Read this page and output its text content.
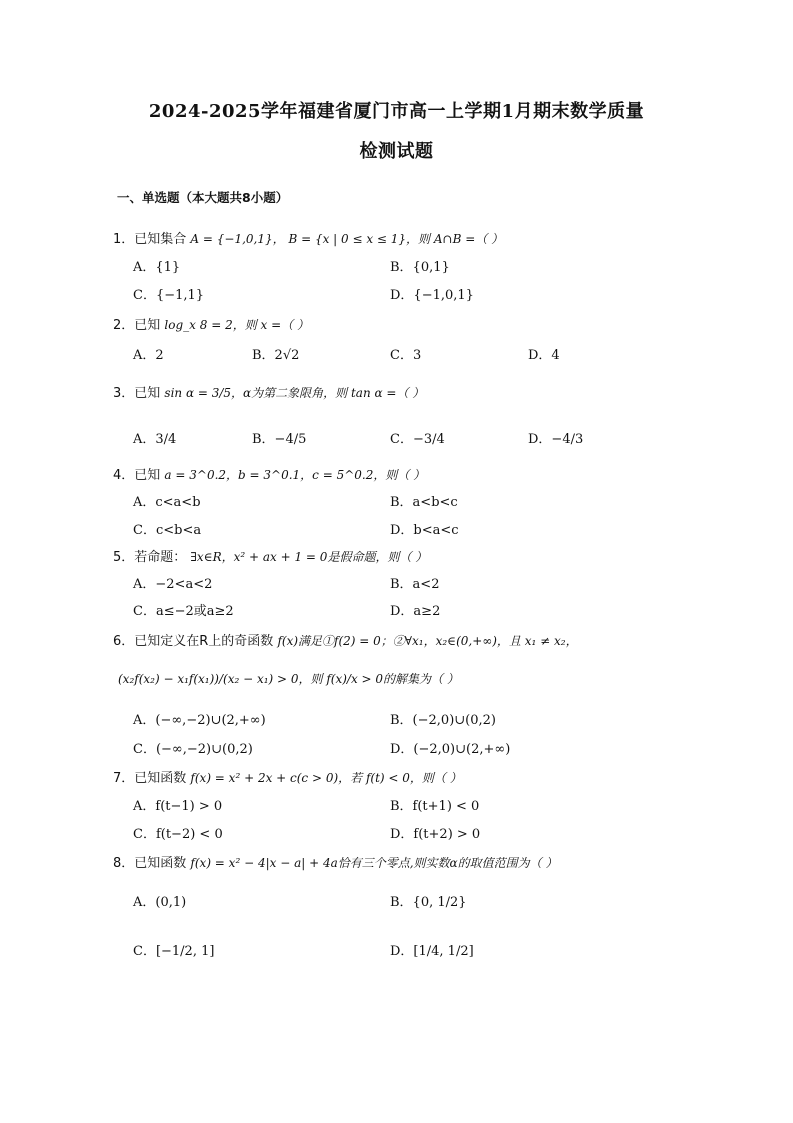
2024-2025学年福建省厦门市高一上学期1月期末数学质量
检测试题
一、单选题（本大题共8小题）
1．已知集合 A = {−1,0,1}， B = {x | 0 ≤ x ≤ 1}，则 A∩B =（ ）
A．{1}	B．{0,1}
C．{−1,1}	D．{−1,0,1}
2．已知 log_x 8 = 2，则 x =（ ）
A．2	B．2√2	C．3	D．4
3．已知 sin α = 3/5，α为第二象限角，则 tan α =（ ）
A．3/4	B．−4/5	C．−3/4	D．−4/3
4．已知 a = 3^0.2，b = 3^0.1，c = 5^0.2，则（ ）
A．c<a<b	B．a<b<c
C．c<b<a	D．b<a<c
5．若命题： ∃x∈R，x² + ax + 1 = 0是假命题，则（ ）
A．−2<a<2	B．a<2
C．a≤−2或a≥2	D．a≥2
6．已知定义在R上的奇函数 f(x)满足①f(2) = 0；②∀x₁，x₂∈(0,+∞)，且 x₁ ≠ x₂，
(x₂f(x₂) − x₁f(x₁))/(x₂ − x₁) > 0，则 f(x)/x > 0的解集为（ ）
A．(−∞,−2)∪(2,+∞)	B．(−2,0)∪(0,2)
C．(−∞,−2)∪(0,2)	D．(−2,0)∪(2,+∞)
7．已知函数 f(x) = x² + 2x + c(c > 0)，若 f(t) < 0，则（ ）
A．f(t−1) > 0	B．f(t+1) < 0
C．f(t−2) < 0	D．f(t+2) > 0
8．已知函数 f(x) = x² − 4|x − a| + 4a恰有三个零点,则实数α的取值范围为（ ）
A．(0,1)	B．{0, 1/2}
C．[−1/2, 1]	D．[1/4, 1/2]
